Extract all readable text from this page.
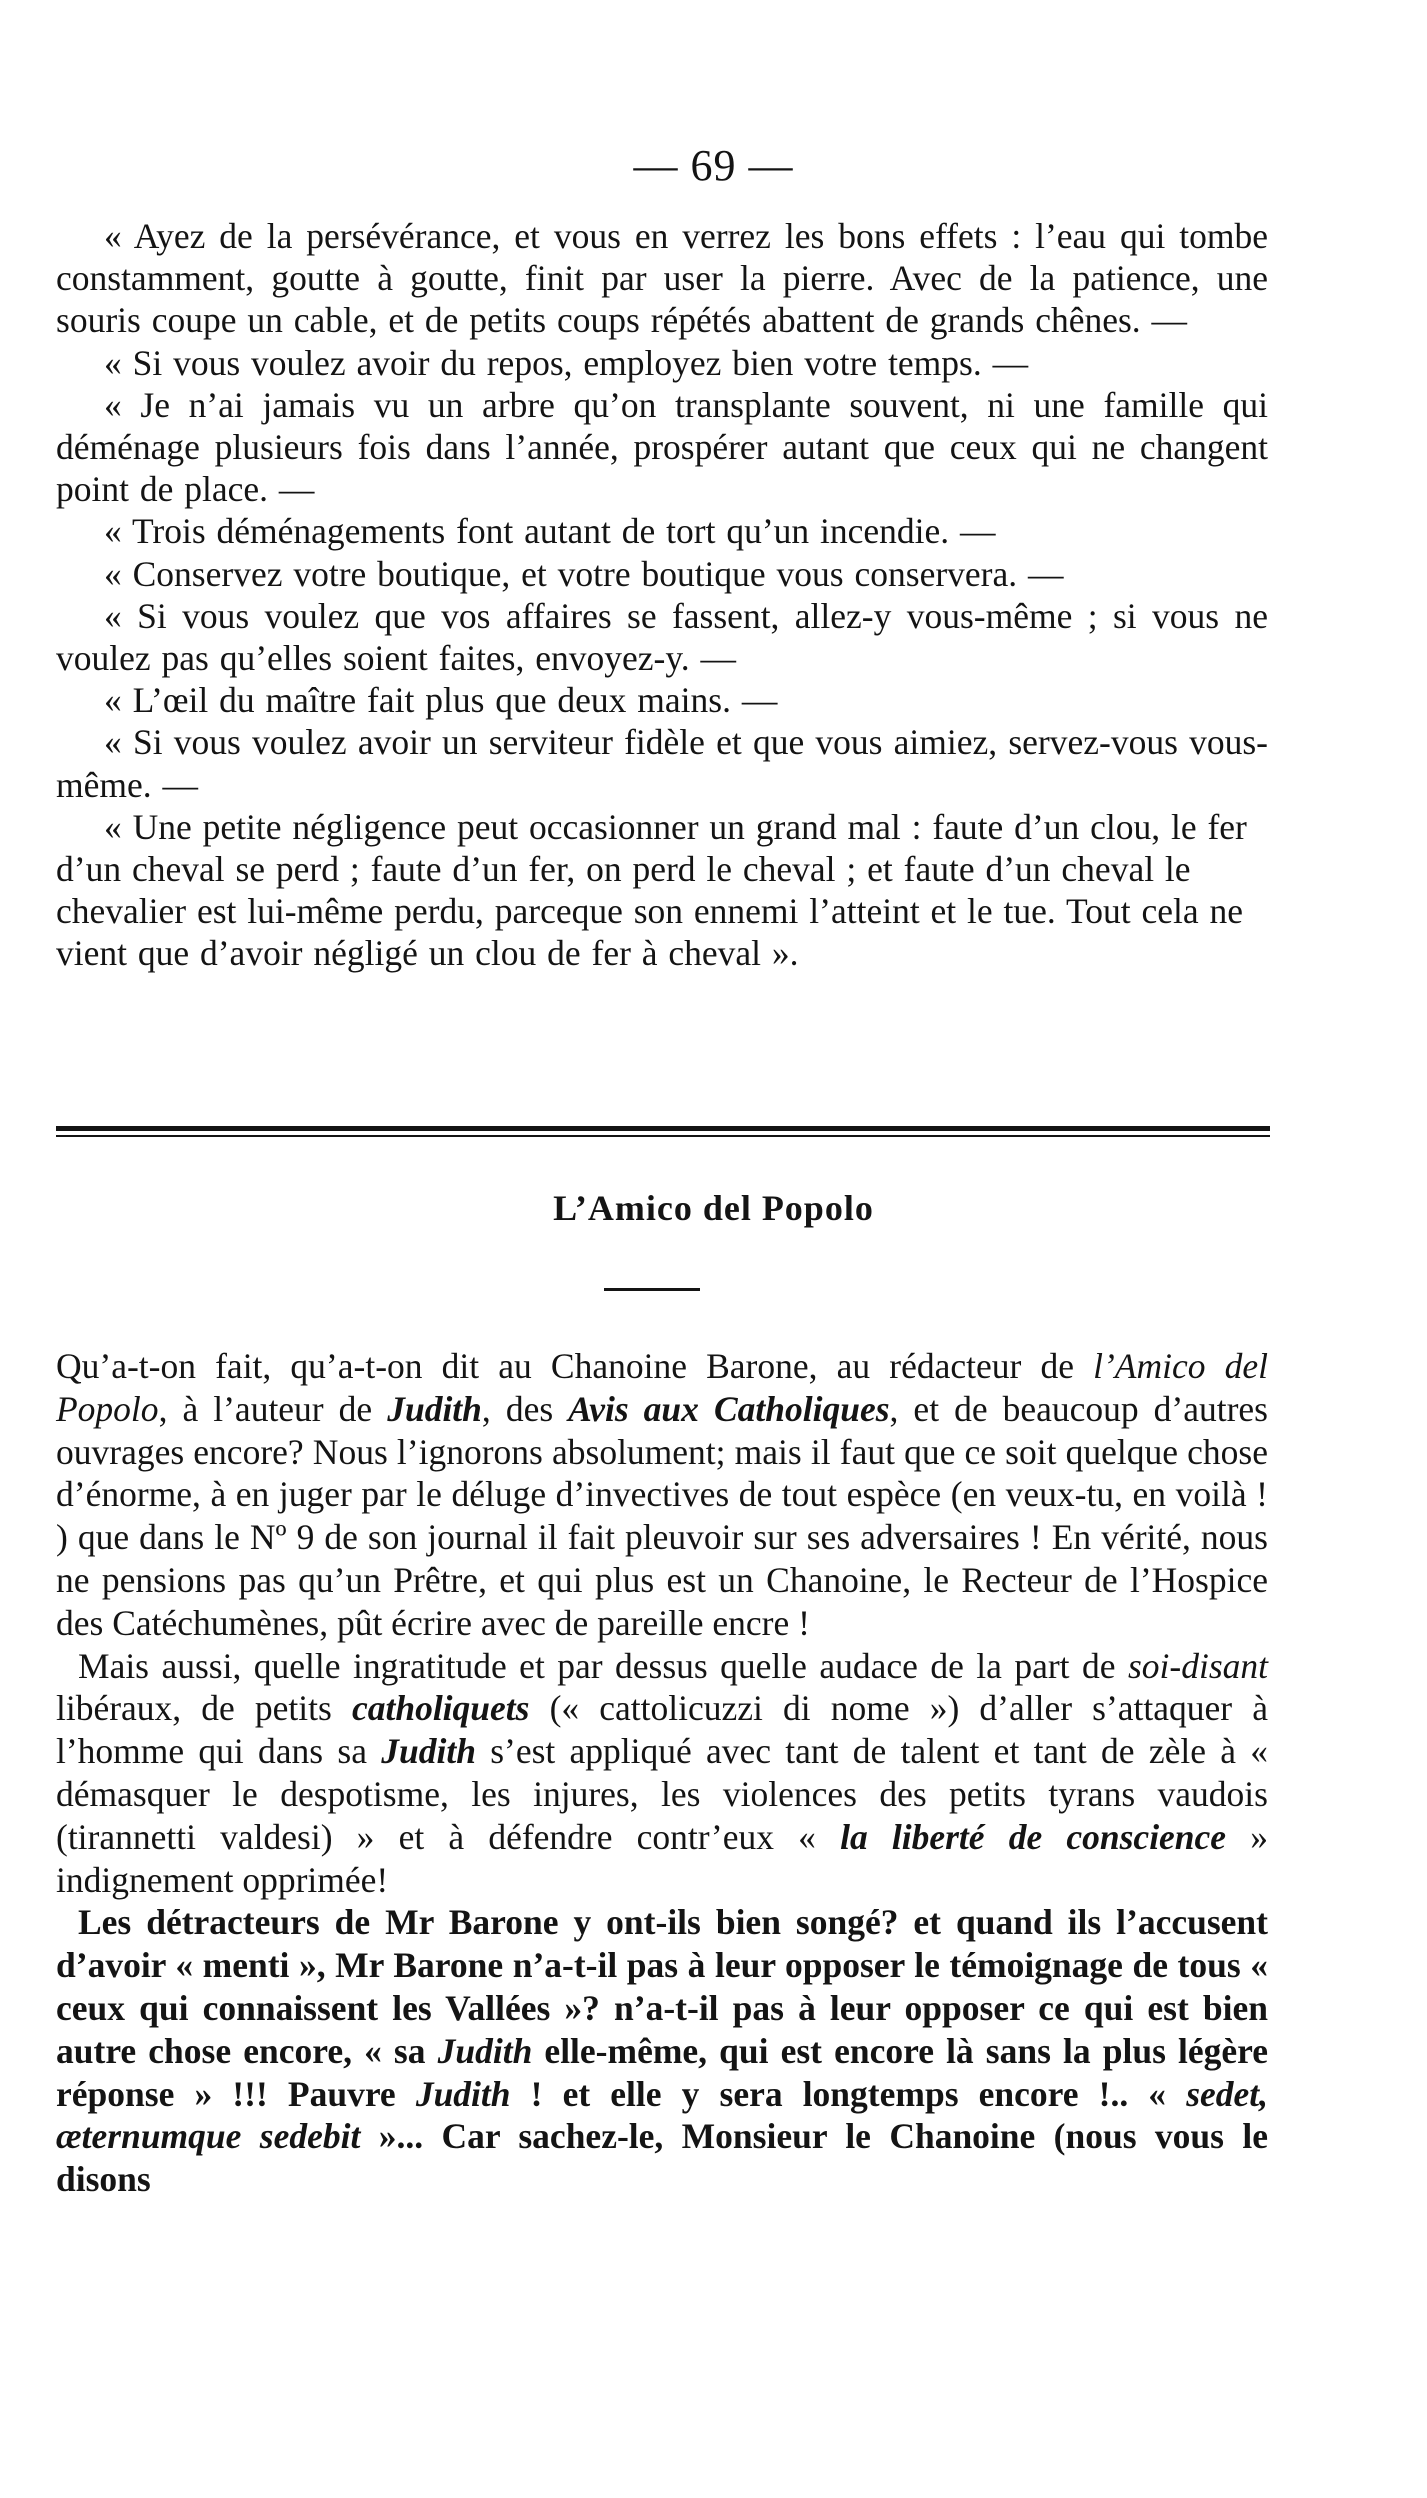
— 69 —

« Ayez de la persévérance, et vous en verrez les bons effets : l’eau qui tombe constamment, goutte à goutte, finit par user la pierre. Avec de la patience, une souris coupe un cable, et de petits coups répétés abattent de grands chênes. —

« Si vous voulez avoir du repos, employez bien votre temps. —

« Je n’ai jamais vu un arbre qu’on transplante souvent, ni une famille qui déménage plusieurs fois dans l’année, prospérer autant que ceux qui ne changent point de place. —

« Trois déménagements font autant de tort qu’un incendie. —

« Conservez votre boutique, et votre boutique vous conservera. —

« Si vous voulez que vos affaires se fassent, allez-y vous-même ; si vous ne voulez pas qu’elles soient faites, envoyez-y. —

« L’œil du maître fait plus que deux mains. —

« Si vous voulez avoir un serviteur fidèle et que vous aimiez, servez-vous vous-même. —

« Une petite négligence peut occasionner un grand mal : faute d’un clou, le fer d’un cheval se perd ; faute d’un fer, on perd le cheval ; et faute d’un cheval le chevalier est lui-même perdu, parceque son ennemi l’atteint et le tue. Tout cela ne vient que d’avoir négligé un clou de fer à cheval ».

L’Amico del Popolo

Qu’a-t-on fait, qu’a-t-on dit au Chanoine Barone, au rédacteur de l’Amico del Popolo, à l’auteur de Judith, des Avis aux Catholiques, et de beaucoup d’autres ouvrages encore? Nous l’ignorons absolument; mais il faut que ce soit quelque chose d’énorme, à en juger par le déluge d’invectives de tout espèce (en veux-tu, en voilà ! ) que dans le Nº 9 de son journal il fait pleuvoir sur ses adversaires ! En vérité, nous ne pensions pas qu’un Prêtre, et qui plus est un Chanoine, le Recteur de l’Hospice des Catéchumènes, pût écrire avec de pareille encre !

Mais aussi, quelle ingratitude et par dessus quelle audace de la part de soi-disant libéraux, de petits catholiquets (« cattolicuzzi di nome ») d’aller s’attaquer à l’homme qui dans sa Judith s’est appliqué avec tant de talent et tant de zèle à « démasquer le despotisme, les injures, les violences des petits tyrans vaudois (tirannetti valdesi) » et à défendre contr’eux « la liberté de conscience » indignement opprimée!

Les détracteurs de Mr Barone y ont-ils bien songé? et quand ils l’accusent d’avoir « menti », Mr Barone n’a-t-il pas à leur opposer le témoignage de tous « ceux qui connaissent les Vallées »? n’a-t-il pas à leur opposer ce qui est bien autre chose encore, « sa Judith elle-même, qui est encore là sans la plus légère réponse » !!! Pauvre Judith ! et elle y sera longtemps encore !.. « sedet, æternumque sedebit »... Car sachez-le, Monsieur le Chanoine (nous vous le disons
